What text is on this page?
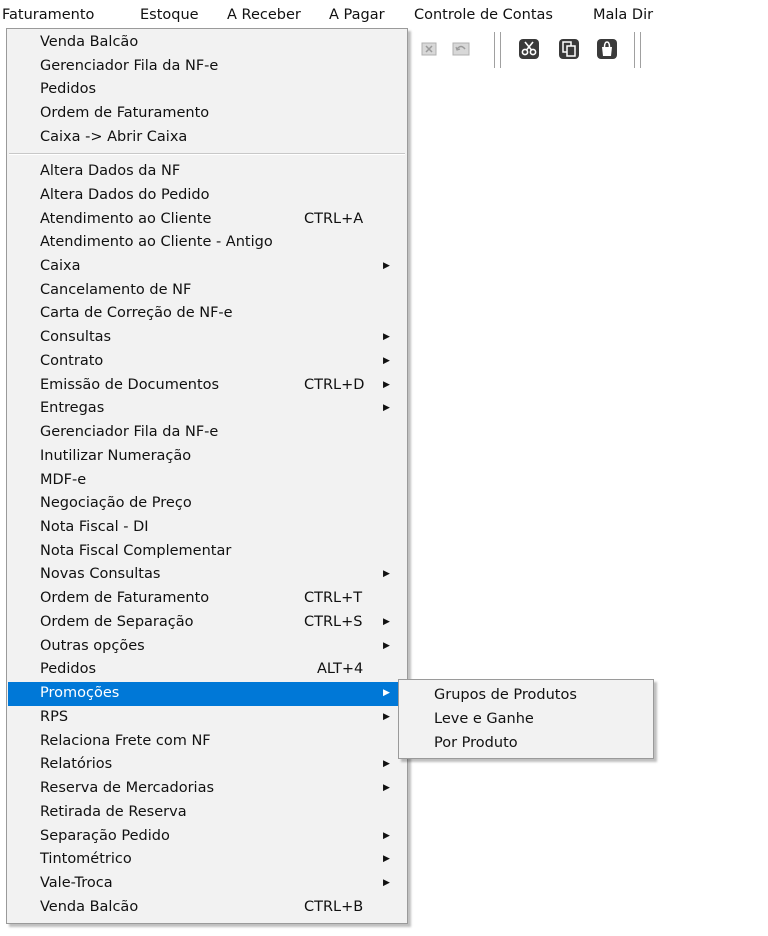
Faturamento	Estoque A Receber A Pagar Controle de Contas	Mala Dir
Venda Balcão
Gerenciador Fila da NF-e
Pedidos
Ordem de Faturamento
Caixa -> Abrir Caixa
Altera Dados da NF
Altera Dados do Pedido
Atendimento ao Cliente	CTRL+A
Atendimento ao Cliente - Antigo
Caixa	▶
Cancelamento de NF
Carta de Correção de NF-e
Consultas	▶
Contrato	▶
Emissão de Documentos	CTRL+D ▶
Entregas	▶
Gerenciador Fila da NF-e
Inutilizar Numeração
MDF-e
Negociação de Preço
Nota Fiscal - DI
Nota Fiscal Complementar
Novas Consultas	▶
Ordem de Faturamento	CTRL+T
Ordem de Separação	CTRL+S ▶
Outras opções	▶
Pedidos	ALT+4
Promoções	▶
RPS	▶
Relaciona Frete com NF
Relatórios	▶
Reserva de Mercadorias	▶
Retirada de Reserva
Separação Pedido	▶
Tintométrico	▶
Vale-Troca	▶
Venda Balcão	CTRL+B
Grupos de Produtos
Leve e Ganhe
Por Produto
